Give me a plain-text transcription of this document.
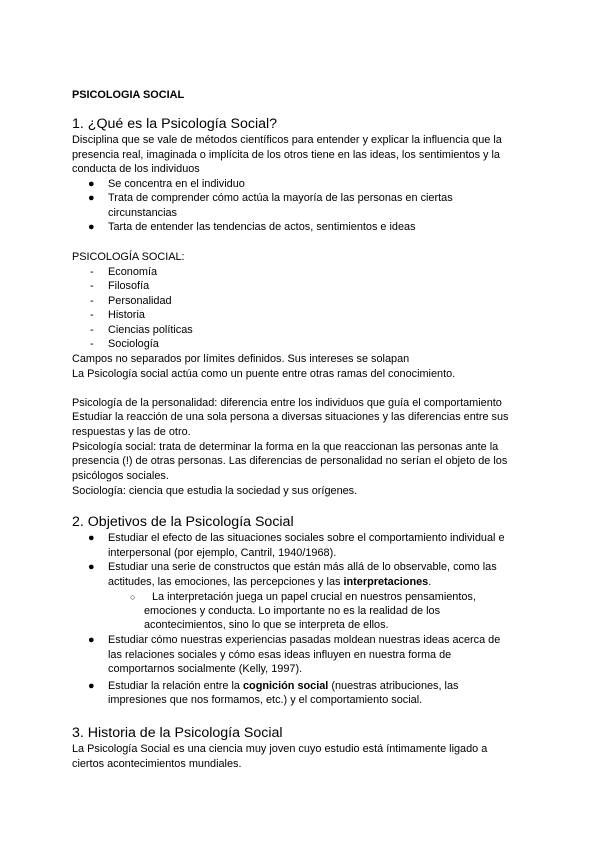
PSICOLOGIA SOCIAL
1. ¿Qué es la Psicología Social?
Disciplina que se vale de métodos científicos para entender y explicar la influencia que la
presencia real, imaginada o implícita de los otros tiene en las ideas, los sentimientos y la
conducta de los individuos
● Se concentra en el individuo
● Trata de comprender cómo actúa la mayoría de las personas en ciertas
circunstancias
● Tarta de entender las tendencias de actos, sentimientos e ideas
PSICOLOGÍA SOCIAL:
- Economía
- Filosofía
- Personalidad
- Historia
- Ciencias políticas
- Sociología
Campos no separados por límites definidos. Sus intereses se solapan
La Psicología social actúa como un puente entre otras ramas del conocimiento.
Psicología de la personalidad: diferencia entre los individuos que guía el comportamiento
Estudiar la reacción de una sola persona a diversas situaciones y las diferencias entre sus
respuestas y las de otro.
Psicología social: trata de determinar la forma en la que reaccionan las personas ante la
presencia (!) de otras personas. Las diferencias de personalidad no serían el objeto de los
psicólogos sociales.
Sociología: ciencia que estudia la sociedad y sus orígenes.
2. Objetivos de la Psicología Social
● Estudiar el efecto de las situaciones sociales sobre el comportamiento individual e
interpersonal (por ejemplo, Cantril, 1940/1968).
● Estudiar una serie de constructos que están más allá de lo observable, como las
actitudes, las emociones, las percepciones y las interpretaciones.
○ La interpretación juega un papel crucial en nuestros pensamientos,
emociones y conducta. Lo importante no es la realidad de los
acontecimientos, sino lo que se interpreta de ellos.
● Estudiar cómo nuestras experiencias pasadas moldean nuestras ideas acerca de
las relaciones sociales y cómo esas ideas influyen en nuestra forma de
comportarnos socialmente (Kelly, 1997).
● Estudiar la relación entre la cognición social (nuestras atribuciones, las
impresiones que nos formamos, etc.) y el comportamiento social.
3. Historia de la Psicología Social
La Psicología Social es una ciencia muy joven cuyo estudio está íntimamente ligado a
ciertos acontecimientos mundiales.
